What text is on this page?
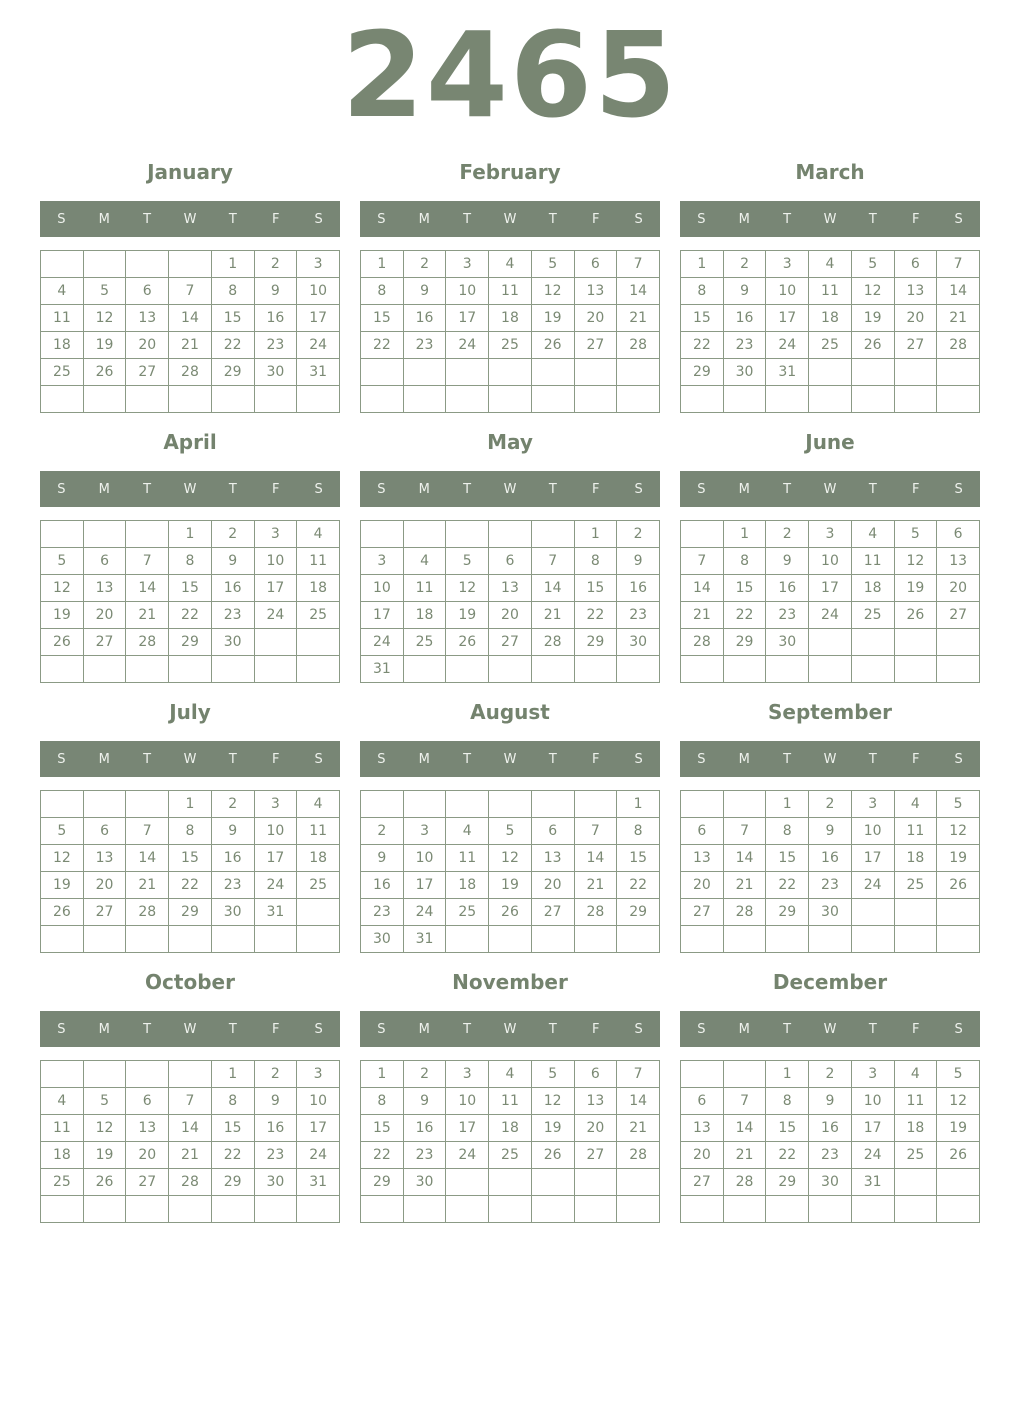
2465
January
S	M	T	W	T	F	S
				1	2	3
4	5	6	7	8	9	10
11	12	13	14	15	16	17
18	19	20	21	22	23	24
25	26	27	28	29	30	31

February
S	M	T	W	T	F	S
1	2	3	4	5	6	7
8	9	10	11	12	13	14
15	16	17	18	19	20	21
22	23	24	25	26	27	28

March
S	M	T	W	T	F	S
1	2	3	4	5	6	7
8	9	10	11	12	13	14
15	16	17	18	19	20	21
22	23	24	25	26	27	28
29	30	31				

April
S	M	T	W	T	F	S
			1	2	3	4
5	6	7	8	9	10	11
12	13	14	15	16	17	18
19	20	21	22	23	24	25
26	27	28	29	30		

May
S	M	T	W	T	F	S
					1	2
3	4	5	6	7	8	9
10	11	12	13	14	15	16
17	18	19	20	21	22	23
24	25	26	27	28	29	30
31						
June
S	M	T	W	T	F	S
	1	2	3	4	5	6
7	8	9	10	11	12	13
14	15	16	17	18	19	20
21	22	23	24	25	26	27
28	29	30				

July
S	M	T	W	T	F	S
			1	2	3	4
5	6	7	8	9	10	11
12	13	14	15	16	17	18
19	20	21	22	23	24	25
26	27	28	29	30	31	

August
S	M	T	W	T	F	S
						1
2	3	4	5	6	7	8
9	10	11	12	13	14	15
16	17	18	19	20	21	22
23	24	25	26	27	28	29
30	31					
September
S	M	T	W	T	F	S
		1	2	3	4	5
6	7	8	9	10	11	12
13	14	15	16	17	18	19
20	21	22	23	24	25	26
27	28	29	30			

October
S	M	T	W	T	F	S
				1	2	3
4	5	6	7	8	9	10
11	12	13	14	15	16	17
18	19	20	21	22	23	24
25	26	27	28	29	30	31

November
S	M	T	W	T	F	S
1	2	3	4	5	6	7
8	9	10	11	12	13	14
15	16	17	18	19	20	21
22	23	24	25	26	27	28
29	30					

December
S	M	T	W	T	F	S
		1	2	3	4	5
6	7	8	9	10	11	12
13	14	15	16	17	18	19
20	21	22	23	24	25	26
27	28	29	30	31		
